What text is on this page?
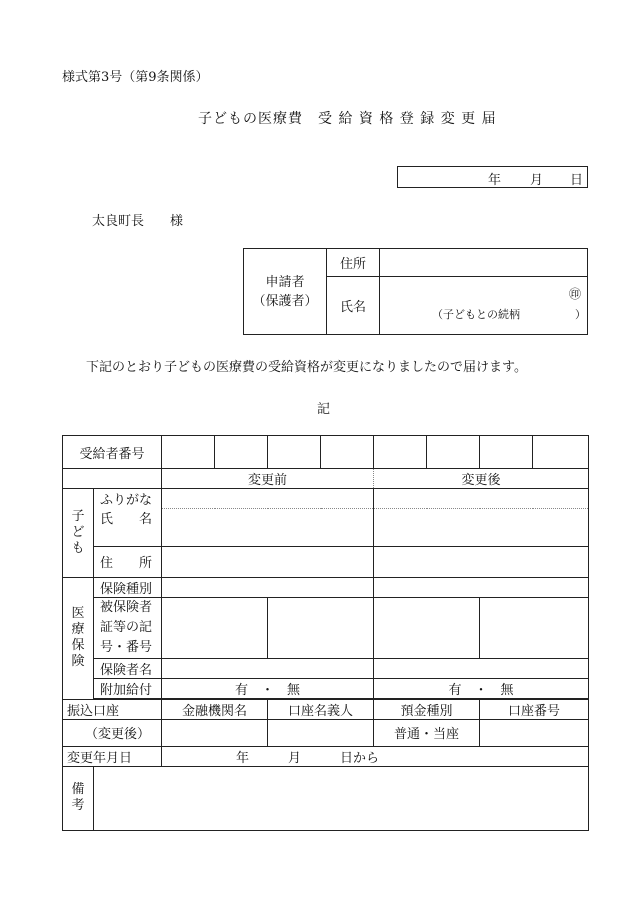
様式第3号（第9条関係）
子どもの医療費　受 給 資 格 登 録 変 更 届
年 月 日
太良町長　　様
申請者
（保護者）	住所	
	氏名	㊞
（子どもとの続柄　　　　　）
下記のとおり子どもの医療費の受給資格が変更になりましたので届けます。
記
受給者番号									
		変更前				変更後			

子ども	ふりがな								
	氏　　名								
	住　　所								

医療保険	保険種別								

	被保険者
証等の記
号・番号								

	保険者名								
	附加給付	有　・　無				有　・　無			

振込口座		金融機関名		口座名義人		預金種別		口座番号	
（変更後）						普通・当座			
変更年月日		年　　　月　　　日から							

備考									
